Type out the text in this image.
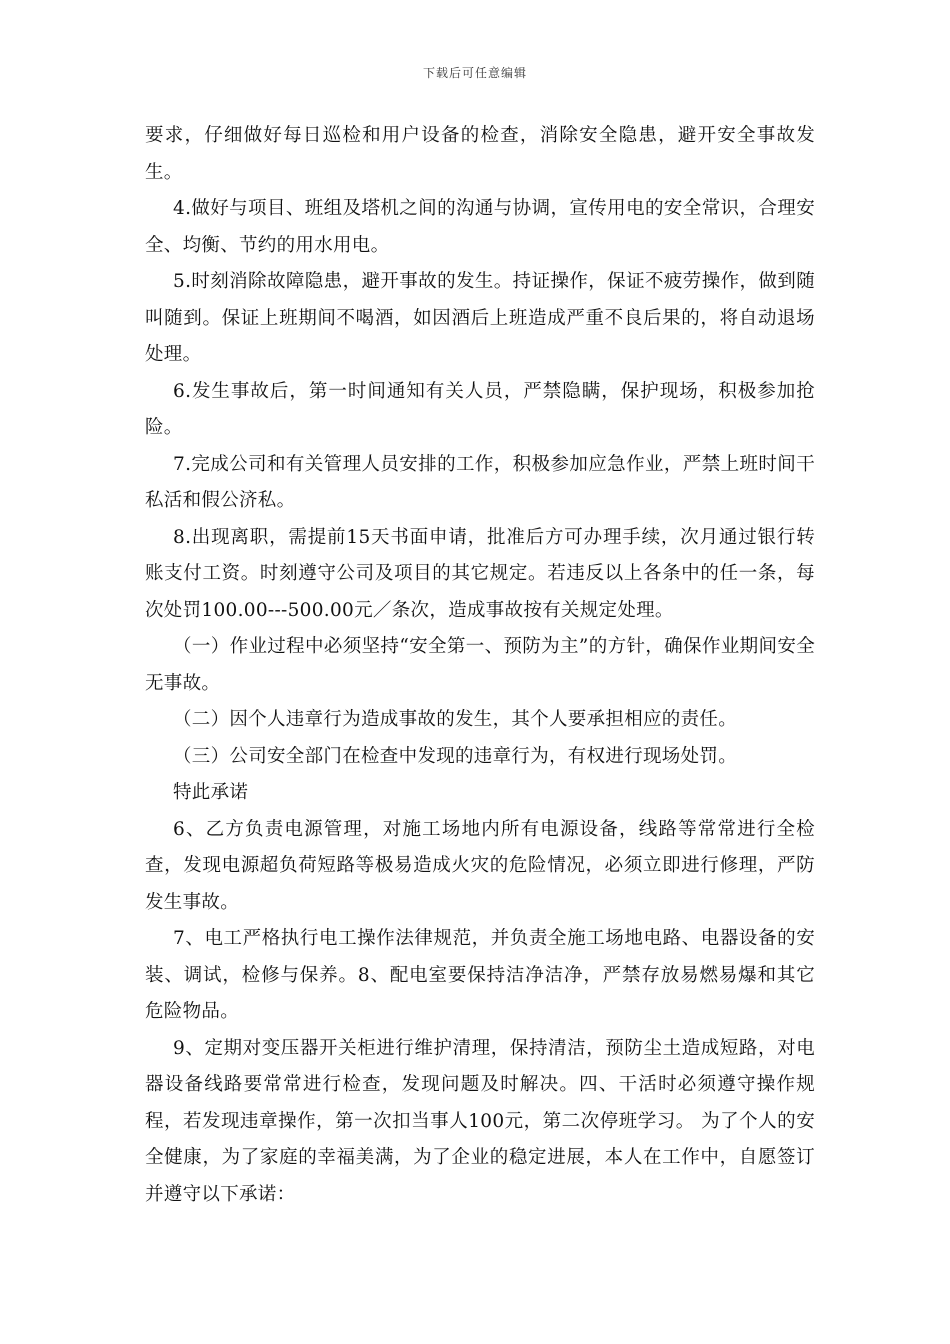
下载后可任意编辑

要求，仔细做好每日巡检和用户设备的检查，消除安全隐患，避开安全事故发生。

4.做好与项目、班组及塔机之间的沟通与协调，宣传用电的安全常识，合理安全、均衡、节约的用水用电。

5.时刻消除故障隐患，避开事故的发生。持证操作，保证不疲劳操作，做到随叫随到。保证上班期间不喝酒，如因酒后上班造成严重不良后果的，将自动退场处理。

6.发生事故后，第一时间通知有关人员，严禁隐瞒，保护现场，积极参加抢险。

7.完成公司和有关管理人员安排的工作，积极参加应急作业，严禁上班时间干私活和假公济私。

8.出现离职，需提前15天书面申请，批准后方可办理手续，次月通过银行转账支付工资。时刻遵守公司及项目的其它规定。若违反以上各条中的任一条，每次处罚100.00---500.00元／条次，造成事故按有关规定处理。

（一）作业过程中必须坚持“安全第一、预防为主”的方针，确保作业期间安全无事故。

（二）因个人违章行为造成事故的发生，其个人要承担相应的责任。

（三）公司安全部门在检查中发现的违章行为，有权进行现场处罚。

特此承诺

6、乙方负责电源管理，对施工场地内所有电源设备，线路等常常进行全检查，发现电源超负荷短路等极易造成火灾的危险情况，必须立即进行修理，严防发生事故。

7、电工严格执行电工操作法律规范，并负责全施工场地电路、电器设备的安装、调试，检修与保养。8、配电室要保持洁净洁净，严禁存放易燃易爆和其它危险物品。

9、定期对变压器开关柜进行维护清理，保持清洁，预防尘土造成短路，对电器设备线路要常常进行检查，发现问题及时解决。四、干活时必须遵守操作规程，若发现违章操作，第一次扣当事人100元，第二次停班学习。 为了个人的安全健康，为了家庭的幸福美满，为了企业的稳定进展，本人在工作中，自愿签订并遵守以下承诺：
